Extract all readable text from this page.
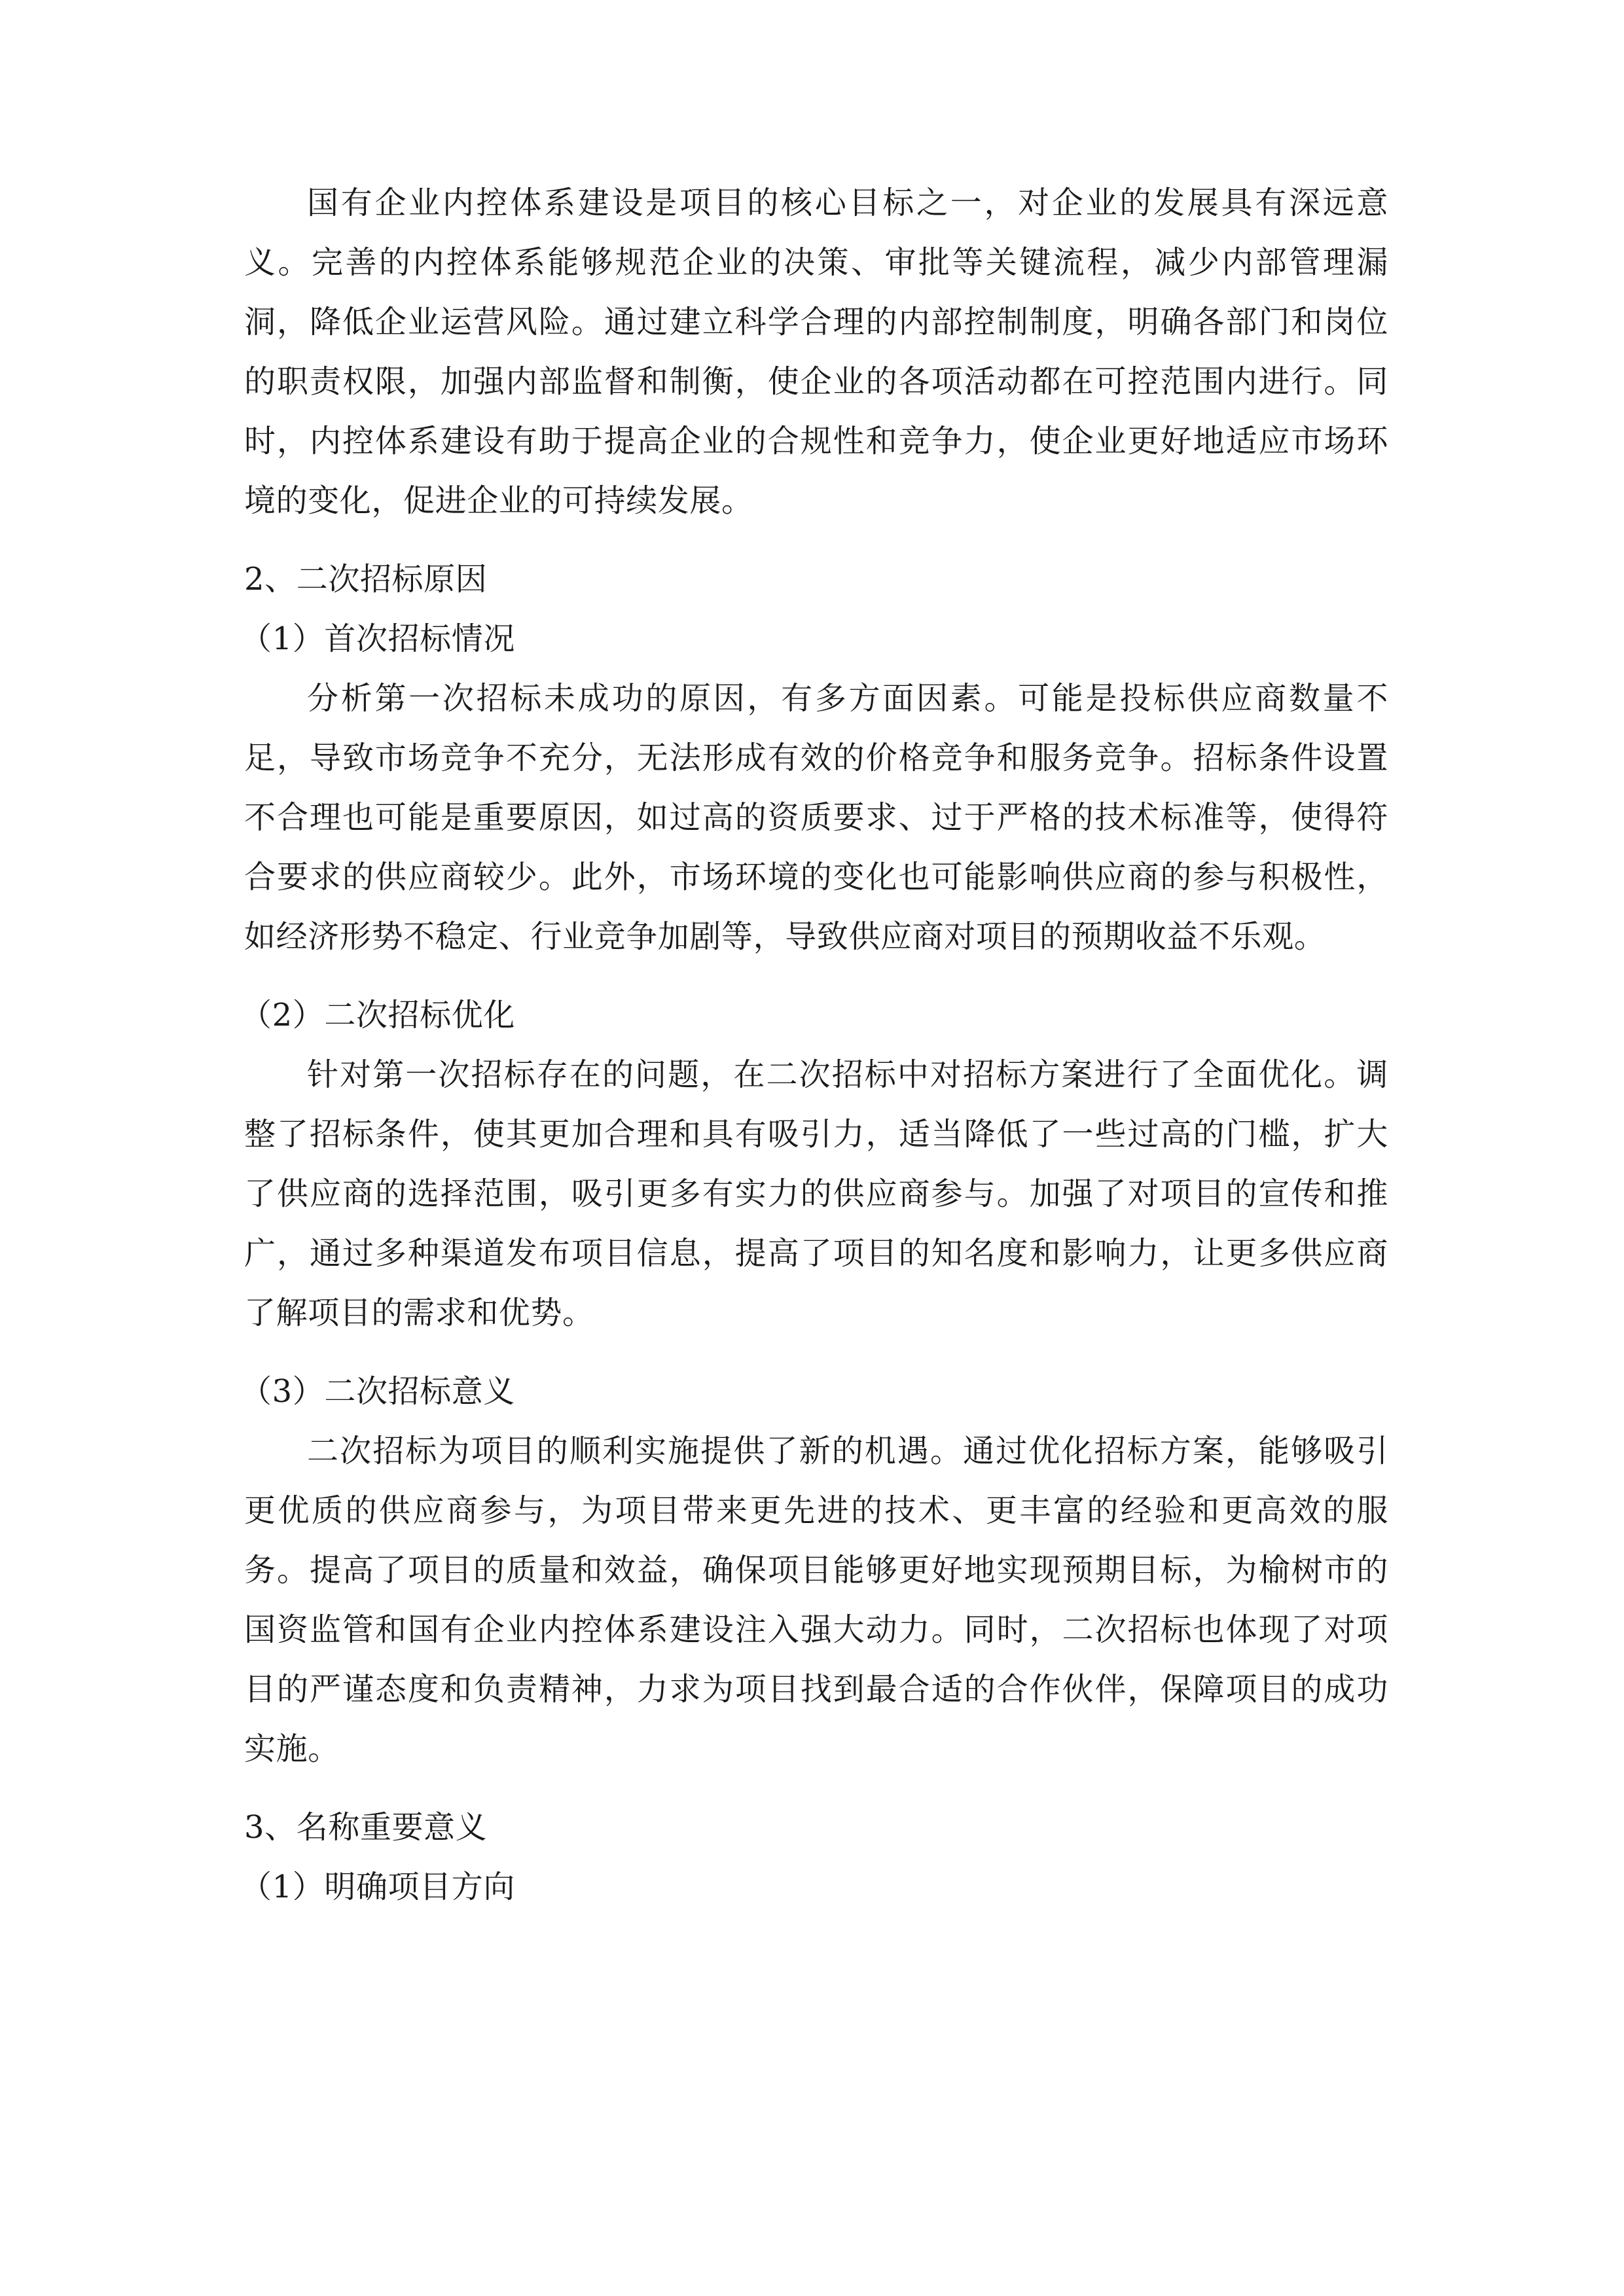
国有企业内控体系建设是项目的核心目标之一，对企业的发展具有深远意义。完善的内控体系能够规范企业的决策、审批等关键流程，减少内部管理漏洞，降低企业运营风险。通过建立科学合理的内部控制制度，明确各部门和岗位的职责权限，加强内部监督和制衡，使企业的各项活动都在可控范围内进行。同时，内控体系建设有助于提高企业的合规性和竞争力，使企业更好地适应市场环境的变化，促进企业的可持续发展。

2、二次招标原因

（1）首次招标情况

分析第一次招标未成功的原因，有多方面因素。可能是投标供应商数量不足，导致市场竞争不充分，无法形成有效的价格竞争和服务竞争。招标条件设置不合理也可能是重要原因，如过高的资质要求、过于严格的技术标准等，使得符合要求的供应商较少。此外，市场环境的变化也可能影响供应商的参与积极性，如经济形势不稳定、行业竞争加剧等，导致供应商对项目的预期收益不乐观。

（2）二次招标优化

针对第一次招标存在的问题，在二次招标中对招标方案进行了全面优化。调整了招标条件，使其更加合理和具有吸引力，适当降低了一些过高的门槛，扩大了供应商的选择范围，吸引更多有实力的供应商参与。加强了对项目的宣传和推广，通过多种渠道发布项目信息，提高了项目的知名度和影响力，让更多供应商了解项目的需求和优势。

（3）二次招标意义

二次招标为项目的顺利实施提供了新的机遇。通过优化招标方案，能够吸引更优质的供应商参与，为项目带来更先进的技术、更丰富的经验和更高效的服务。提高了项目的质量和效益，确保项目能够更好地实现预期目标，为榆树市的国资监管和国有企业内控体系建设注入强大动力。同时，二次招标也体现了对项目的严谨态度和负责精神，力求为项目找到最合适的合作伙伴，保障项目的成功实施。

3、名称重要意义

（1）明确项目方向
